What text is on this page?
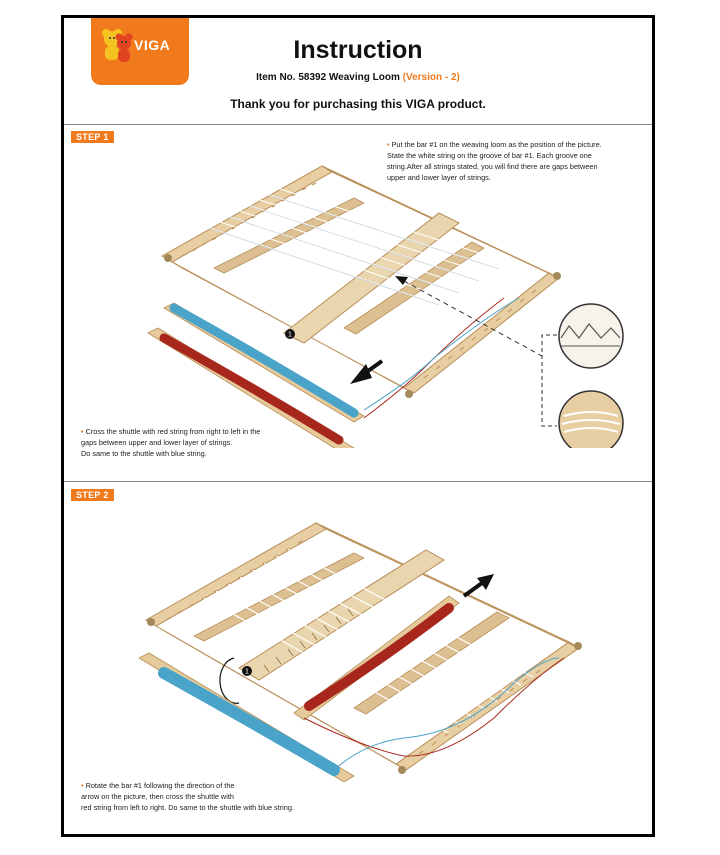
VIGA	Instruction
Item No. 58392 Weaving Loom (Version - 2)
Thank you for purchasing this VIGA product.
STEP 1
• Put the bar #1 on the weaving loom as the position of the picture.
State the white string on the groove of bar #1. Each groove one
string.After all strings stated, you will find there are gaps between
upper and lower layer of strings.
1
• Cross the shuttle with red string from right to left in the
gaps between upper and lower layer of strings.
Do same to the shuttle with blue string.
STEP 2
1
• Rotate the bar #1 following the direction of the
arrow on the picture, then cross the shuttle with
red string from left to right. Do same to the shuttle with blue string.
